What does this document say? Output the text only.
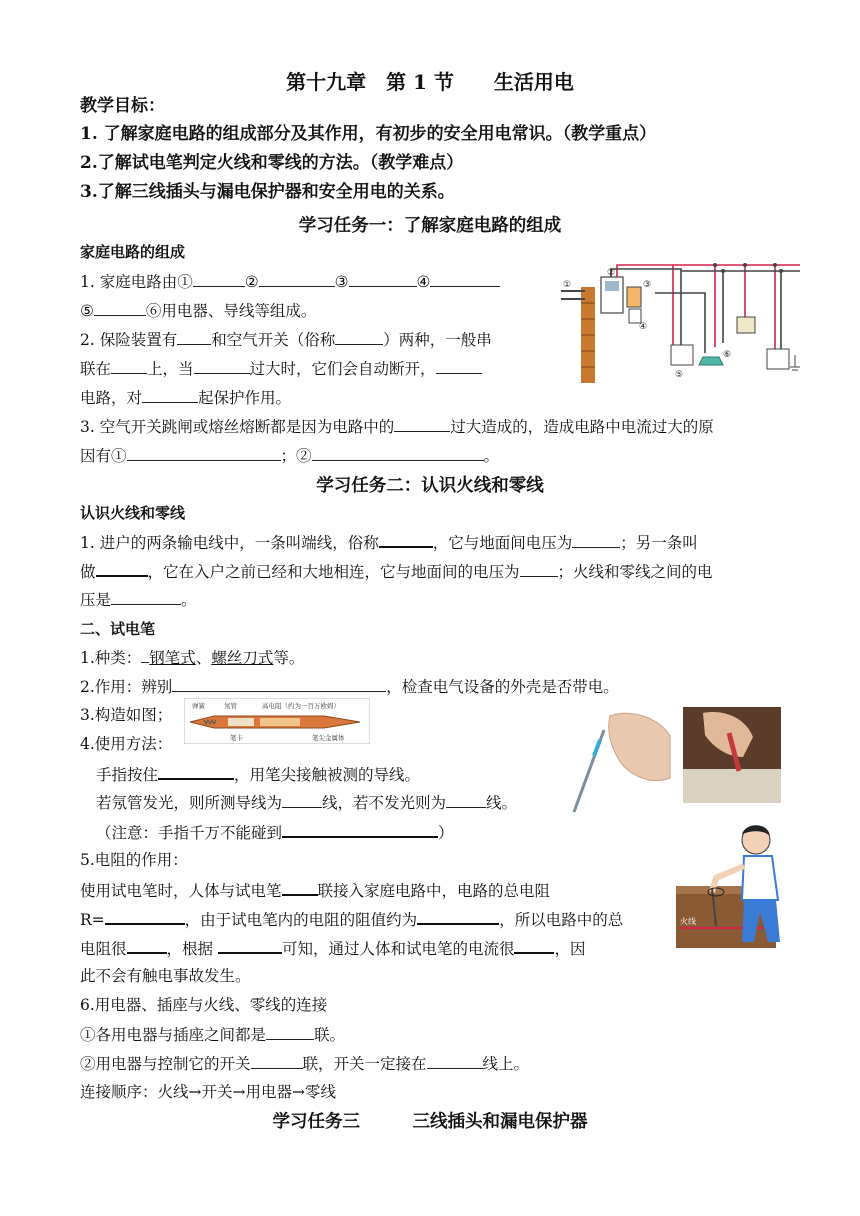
第十九章　第 1 节　　生活用电
教学目标：
1. 了解家庭电路的组成部分及其作用，有初步的安全用电常识。（教学重点）
2.了解试电笔判定火线和零线的方法。（教学难点）
3.了解三线插头与漏电保护器和安全用电的关系。
学习任务一：了解家庭电路的组成
家庭电路的组成
1. 家庭电路由①	②	③	④
⑤	⑥用电器、导线等组成。
2. 保险装置有 和空气开关（俗称	）两种，一般串
联在 上，当	过大时，它们会自动断开，
电路，对	起保护作用。
3. 空气开关跳闸或熔丝熔断都是因为电路中的	过大造成的，造成电路中电流过大的原
因有①	；②	。
①
②
③
④
⑤
⑥
学习任务二：认识火线和零线
认识火线和零线
1. 进户的两条输电线中，一条叫端线，俗称	，它与地面间电压为	；另一条叫
做	，它在入户之前已经和大地相连，它与地面间的电压为 ；火线和零线之间的电
压是	。
二、试电笔
1.种类： 钢笔式、螺丝刀式等。
2.作用：辨别	，检查电气设备的外壳是否带电。
3.构造如图；
4.使用方法：
弹簧	氖管	高电阻（约为一百万欧姆）
笔卡	笔尖金属体
手指按住	，用笔尖接触被测的导线。
若氖管发光，则所测导线为	线，若不发光则为	线。
（注意：手指千万不能碰到	）
5.电阻的作用：
使用试电笔时，人体与试电笔 联接入家庭电路中，电路的总电阻
R=	，由于试电笔内的电阻的阻值约为	，所以电路中的总
电阻很	，根据	可知，通过人体和试电笔的电流很	，因
此不会有触电事故发生。
火线
6.用电器、插座与火线、零线的连接
①各用电器与插座之间都是	联。
②用电器与控制它的开关	联，开关一定接在	线上。
连接顺序：火线→开关→用电器→零线
学习任务三　　　三线插头和漏电保护器
